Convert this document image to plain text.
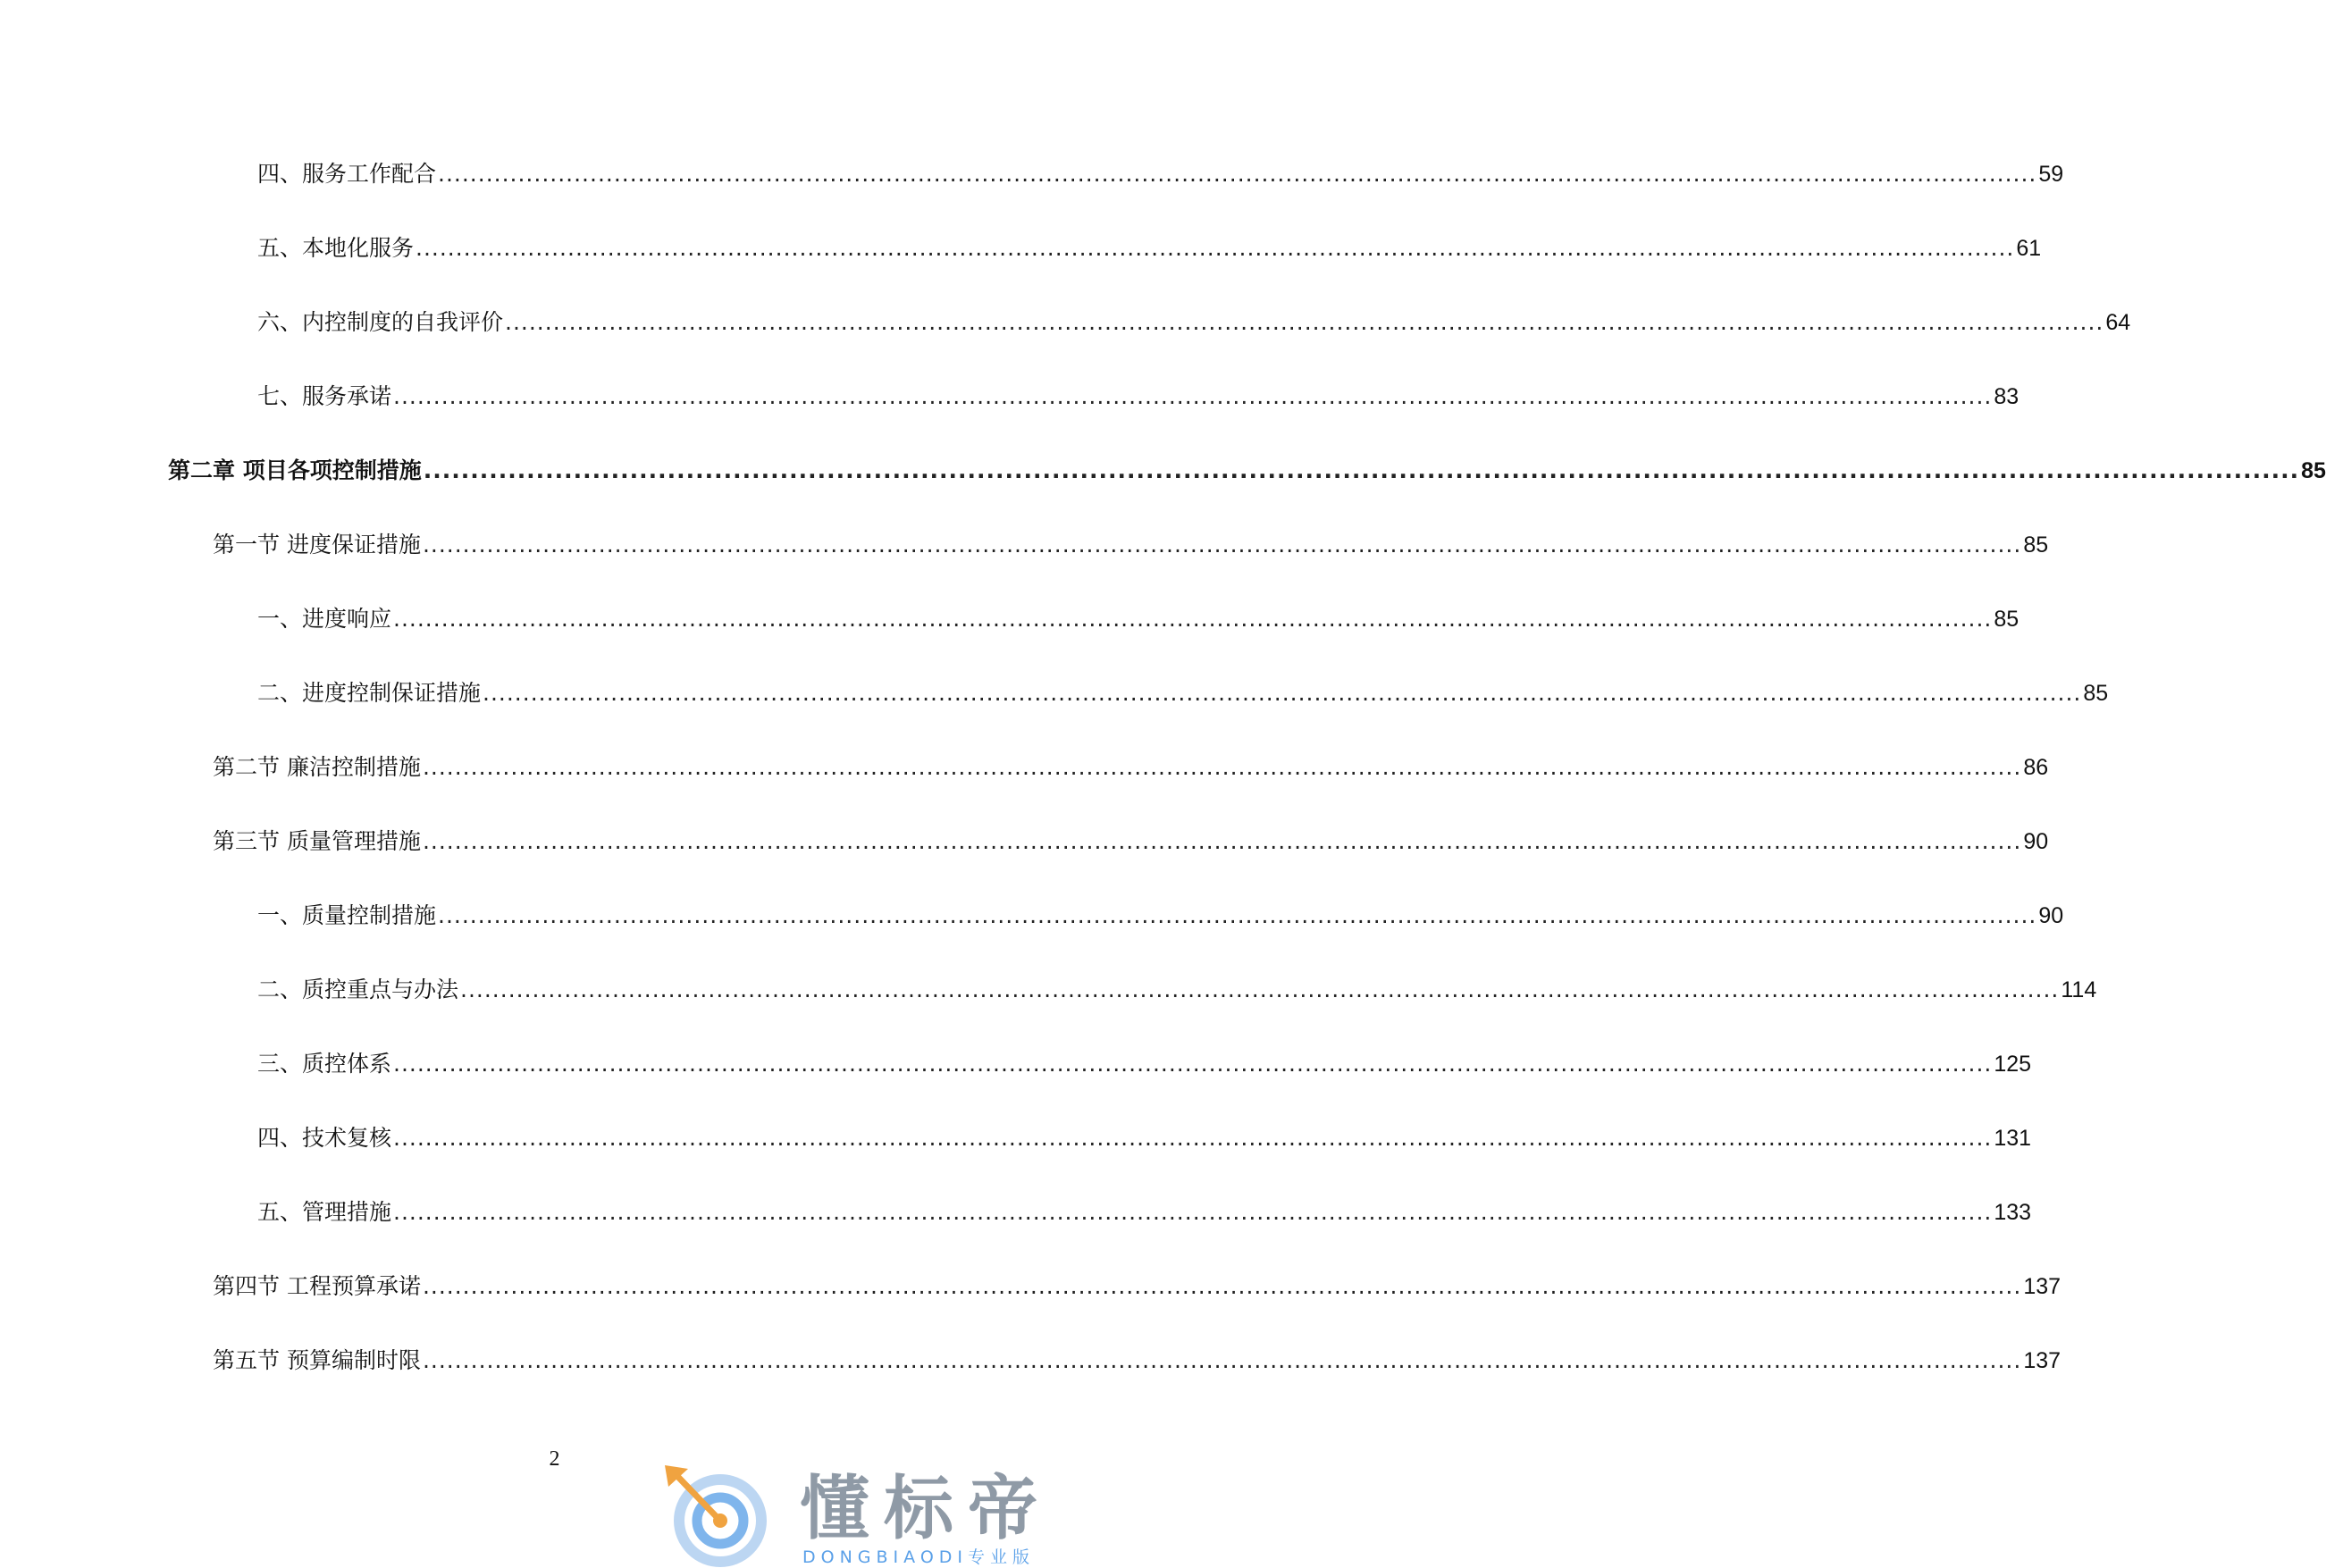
四、服务工作配合 ........................................................................................................................................................................................................ 59
五、本地化服务 ........................................................................................................................................................................................................ 61
六、内控制度的自我评价 ........................................................................................................................................................................................................ 64
七、服务承诺 ........................................................................................................................................................................................................ 83
第二章 项目各项控制措施 ........................................................................................................................................................................................................ 85
第一节 进度保证措施 ........................................................................................................................................................................................................ 85
一、进度响应 ........................................................................................................................................................................................................ 85
二、进度控制保证措施 ........................................................................................................................................................................................................ 85
第二节 廉洁控制措施 ........................................................................................................................................................................................................ 86
第三节 质量管理措施 ........................................................................................................................................................................................................ 90
一、质量控制措施 ........................................................................................................................................................................................................ 90
二、质控重点与办法 ........................................................................................................................................................................................................ 114
三、质控体系 ........................................................................................................................................................................................................ 125
四、技术复核 ........................................................................................................................................................................................................ 131
五、管理措施 ........................................................................................................................................................................................................ 133
第四节 工程预算承诺 ........................................................................................................................................................................................................ 137
第五节 预算编制时限 ........................................................................................................................................................................................................ 137
2
懂标帝
DONGBIAODI专业版
